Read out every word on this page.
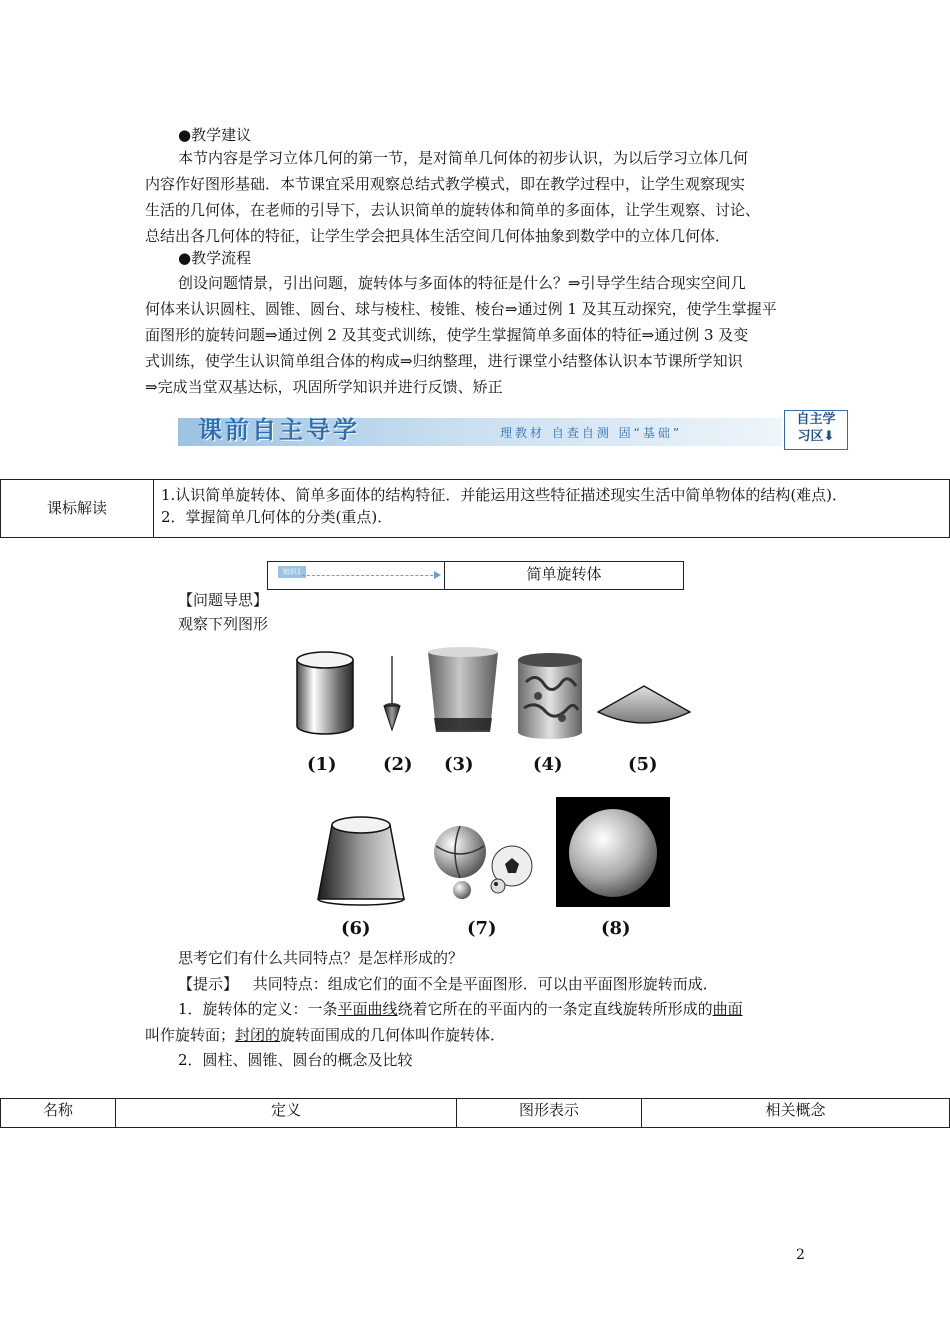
●教学建议
本节内容是学习立体几何的第一节，是对简单几何体的初步认识，为以后学习立体几何
内容作好图形基础．本节课宜采用观察总结式教学模式，即在教学过程中，让学生观察现实
生活的几何体，在老师的引导下，去认识简单的旋转体和简单的多面体，让学生观察、讨论、
总结出各几何体的特征，让学生学会把具体生活空间几何体抽象到数学中的立体几何体．
●教学流程
创设问题情景，引出问题，旋转体与多面体的特征是什么？⇒引导学生结合现实空间几
何体来认识圆柱、圆锥、圆台、球与棱柱、棱锥、棱台⇒通过例 1 及其互动探究，使学生掌握平
面图形的旋转问题⇒通过例 2 及其变式训练，使学生掌握简单多面体的特征⇒通过例 3 及变
式训练，使学生认识简单组合体的构成⇒归纳整理，进行课堂小结整体认识本节课所学知识
⇒完成当堂双基达标，巩固所学知识并进行反馈、矫正
课前自主导学	理教材 自查自测 固“基础”
自主学
习区⬇
课标解读
1.认识简单旋转体、简单多面体的结构特征．并能运用这些特征描述现实生活中简单物体的结构(难点)．
2．掌握简单几何体的分类(重点)．
知识1	简单旋转体
【问题导思】
观察下列图形
(1)	(2) (3)	(4)	(5)
(6)	(7)	(8)
思考它们有什么共同特点？是怎样形成的？
【提示】 共同特点：组成它们的面不全是平面图形．可以由平面图形旋转而成．
1．旋转体的定义：一条平面曲线绕着它所在的平面内的一条定直线旋转所形成的曲面
叫作旋转面；封闭的旋转面围成的几何体叫作旋转体．
2．圆柱、圆锥、圆台的概念及比较
名称	定义	图形表示	相关概念
2
